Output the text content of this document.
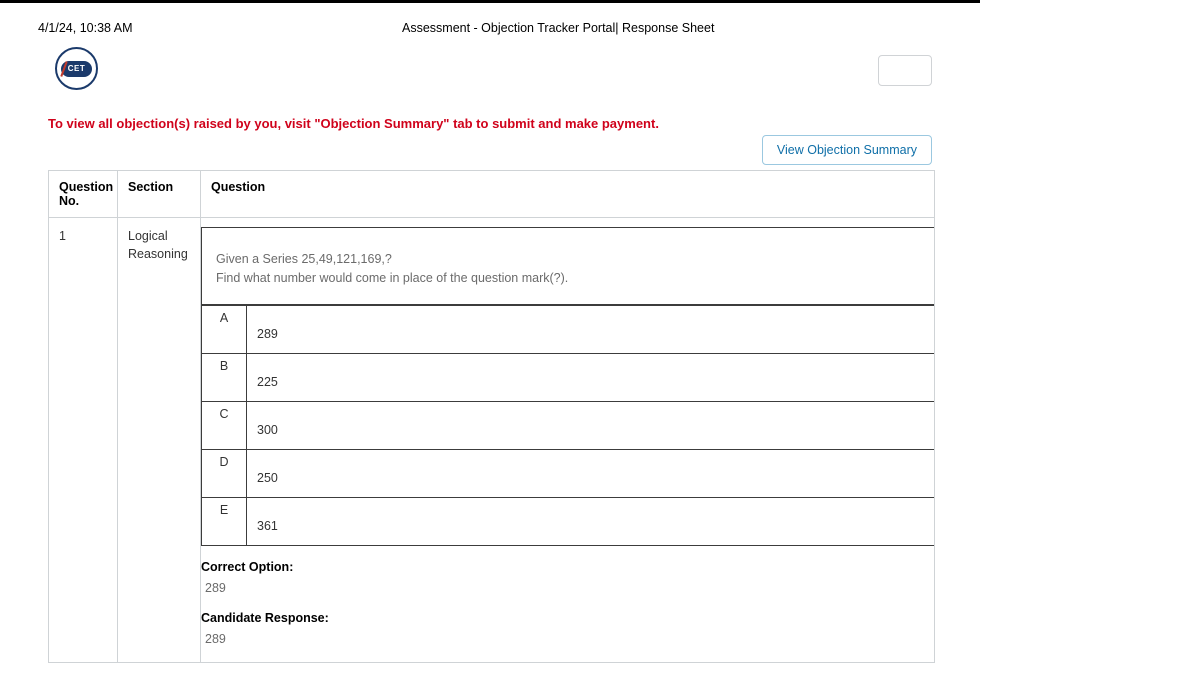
4/1/24, 10:38 AM	Assessment - Objection Tracker Portal| Response Sheet
CET
To view all objection(s) raised by you, visit "Objection Summary" tab to submit and make payment.
View Objection Summary
Question No.	Section	Question
1	Logical Reasoning	Given a Series 25,49,121,169,?
Find what number would come in place of the question mark(?).
A	289
B	225
C	300
D	250
E	361
Correct Option:
289
Candidate Response:
289
